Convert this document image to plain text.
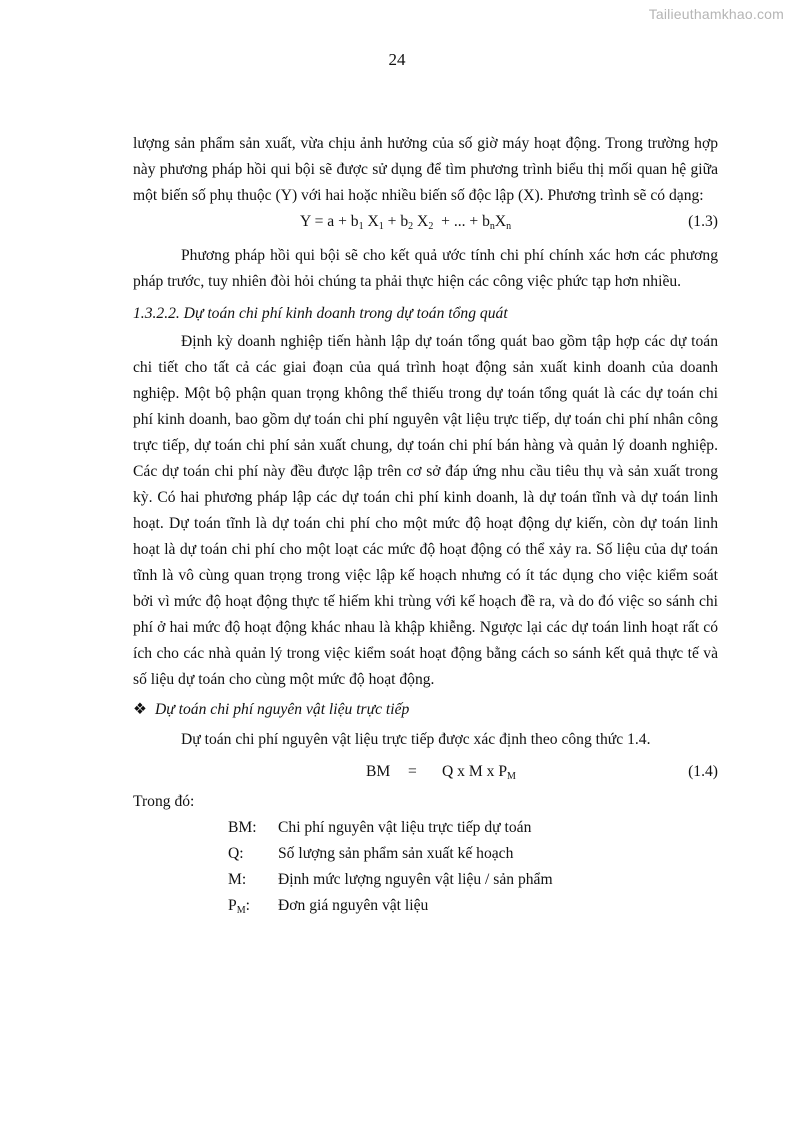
Tailieuthamkhao.com
24

lượng sản phẩm sản xuất, vừa chịu ảnh hưởng của số giờ máy hoạt động. Trong trường hợp này phương pháp hồi qui bội sẽ được sử dụng để tìm phương trình biểu thị mối quan hệ giữa một biến số phụ thuộc (Y) với hai hoặc nhiều biến số độc lập (X). Phương trình sẽ có dạng:

$Y = a + b_1$ $X_1 + b_2$ $X_2$  + ... + $b_nX_n$	(1.3)

Phương pháp hồi qui bội sẽ cho kết quả ước tính chi phí chính xác hơn các phương pháp trước, tuy nhiên đòi hỏi chúng ta phải thực hiện các công việc phức tạp hơn nhiều.

1.3.2.2. Dự toán chi phí kinh doanh trong dự toán tổng quát

Định kỳ doanh nghiệp tiến hành lập dự toán tổng quát bao gồm tập hợp các dự toán chi tiết cho tất cả các giai đoạn của quá trình hoạt động sản xuất kinh doanh của doanh nghiệp. Một bộ phận quan trọng không thể thiếu trong dự toán tổng quát là các dự toán chi phí kinh doanh, bao gồm dự toán chi phí nguyên vật liệu trực tiếp, dự toán chi phí nhân công trực tiếp, dự toán chi phí sản xuất chung, dự toán chi phí bán hàng và quản lý doanh nghiệp. Các dự toán chi phí này đều được lập trên cơ sở đáp ứng nhu cầu tiêu thụ và sản xuất trong kỳ. Có hai phương pháp lập các dự toán chi phí kinh doanh, là dự toán tĩnh và dự toán linh hoạt. Dự toán tĩnh là dự toán chi phí cho một mức độ hoạt động dự kiến, còn dự toán linh hoạt là dự toán chi phí cho một loạt các mức độ hoạt động có thể xảy ra. Số liệu của dự toán tĩnh là vô cùng quan trọng trong việc lập kế hoạch nhưng có ít tác dụng cho việc kiểm soát bởi vì mức độ hoạt động thực tế hiếm khi trùng với kế hoạch đề ra, và do đó việc so sánh chi phí ở hai mức độ hoạt động khác nhau là khập khiễng. Ngược lại các dự toán linh hoạt rất có ích cho các nhà quản lý trong việc kiểm soát hoạt động bằng cách so sánh kết quả thực tế và số liệu dự toán cho cùng một mức độ hoạt động.

❖ Dự toán chi phí nguyên vật liệu trực tiếp

Dự toán chi phí nguyên vật liệu trực tiếp được xác định theo công thức 1.4.

BM = Q x M x $P_M$	(1.4)

Trong đó:

BM: Chi phí nguyên vật liệu trực tiếp dự toán
Q: Số lượng sản phẩm sản xuất kế hoạch
M: Định mức lượng nguyên vật liệu / sản phẩm
$P_M$: Đơn giá nguyên vật liệu
